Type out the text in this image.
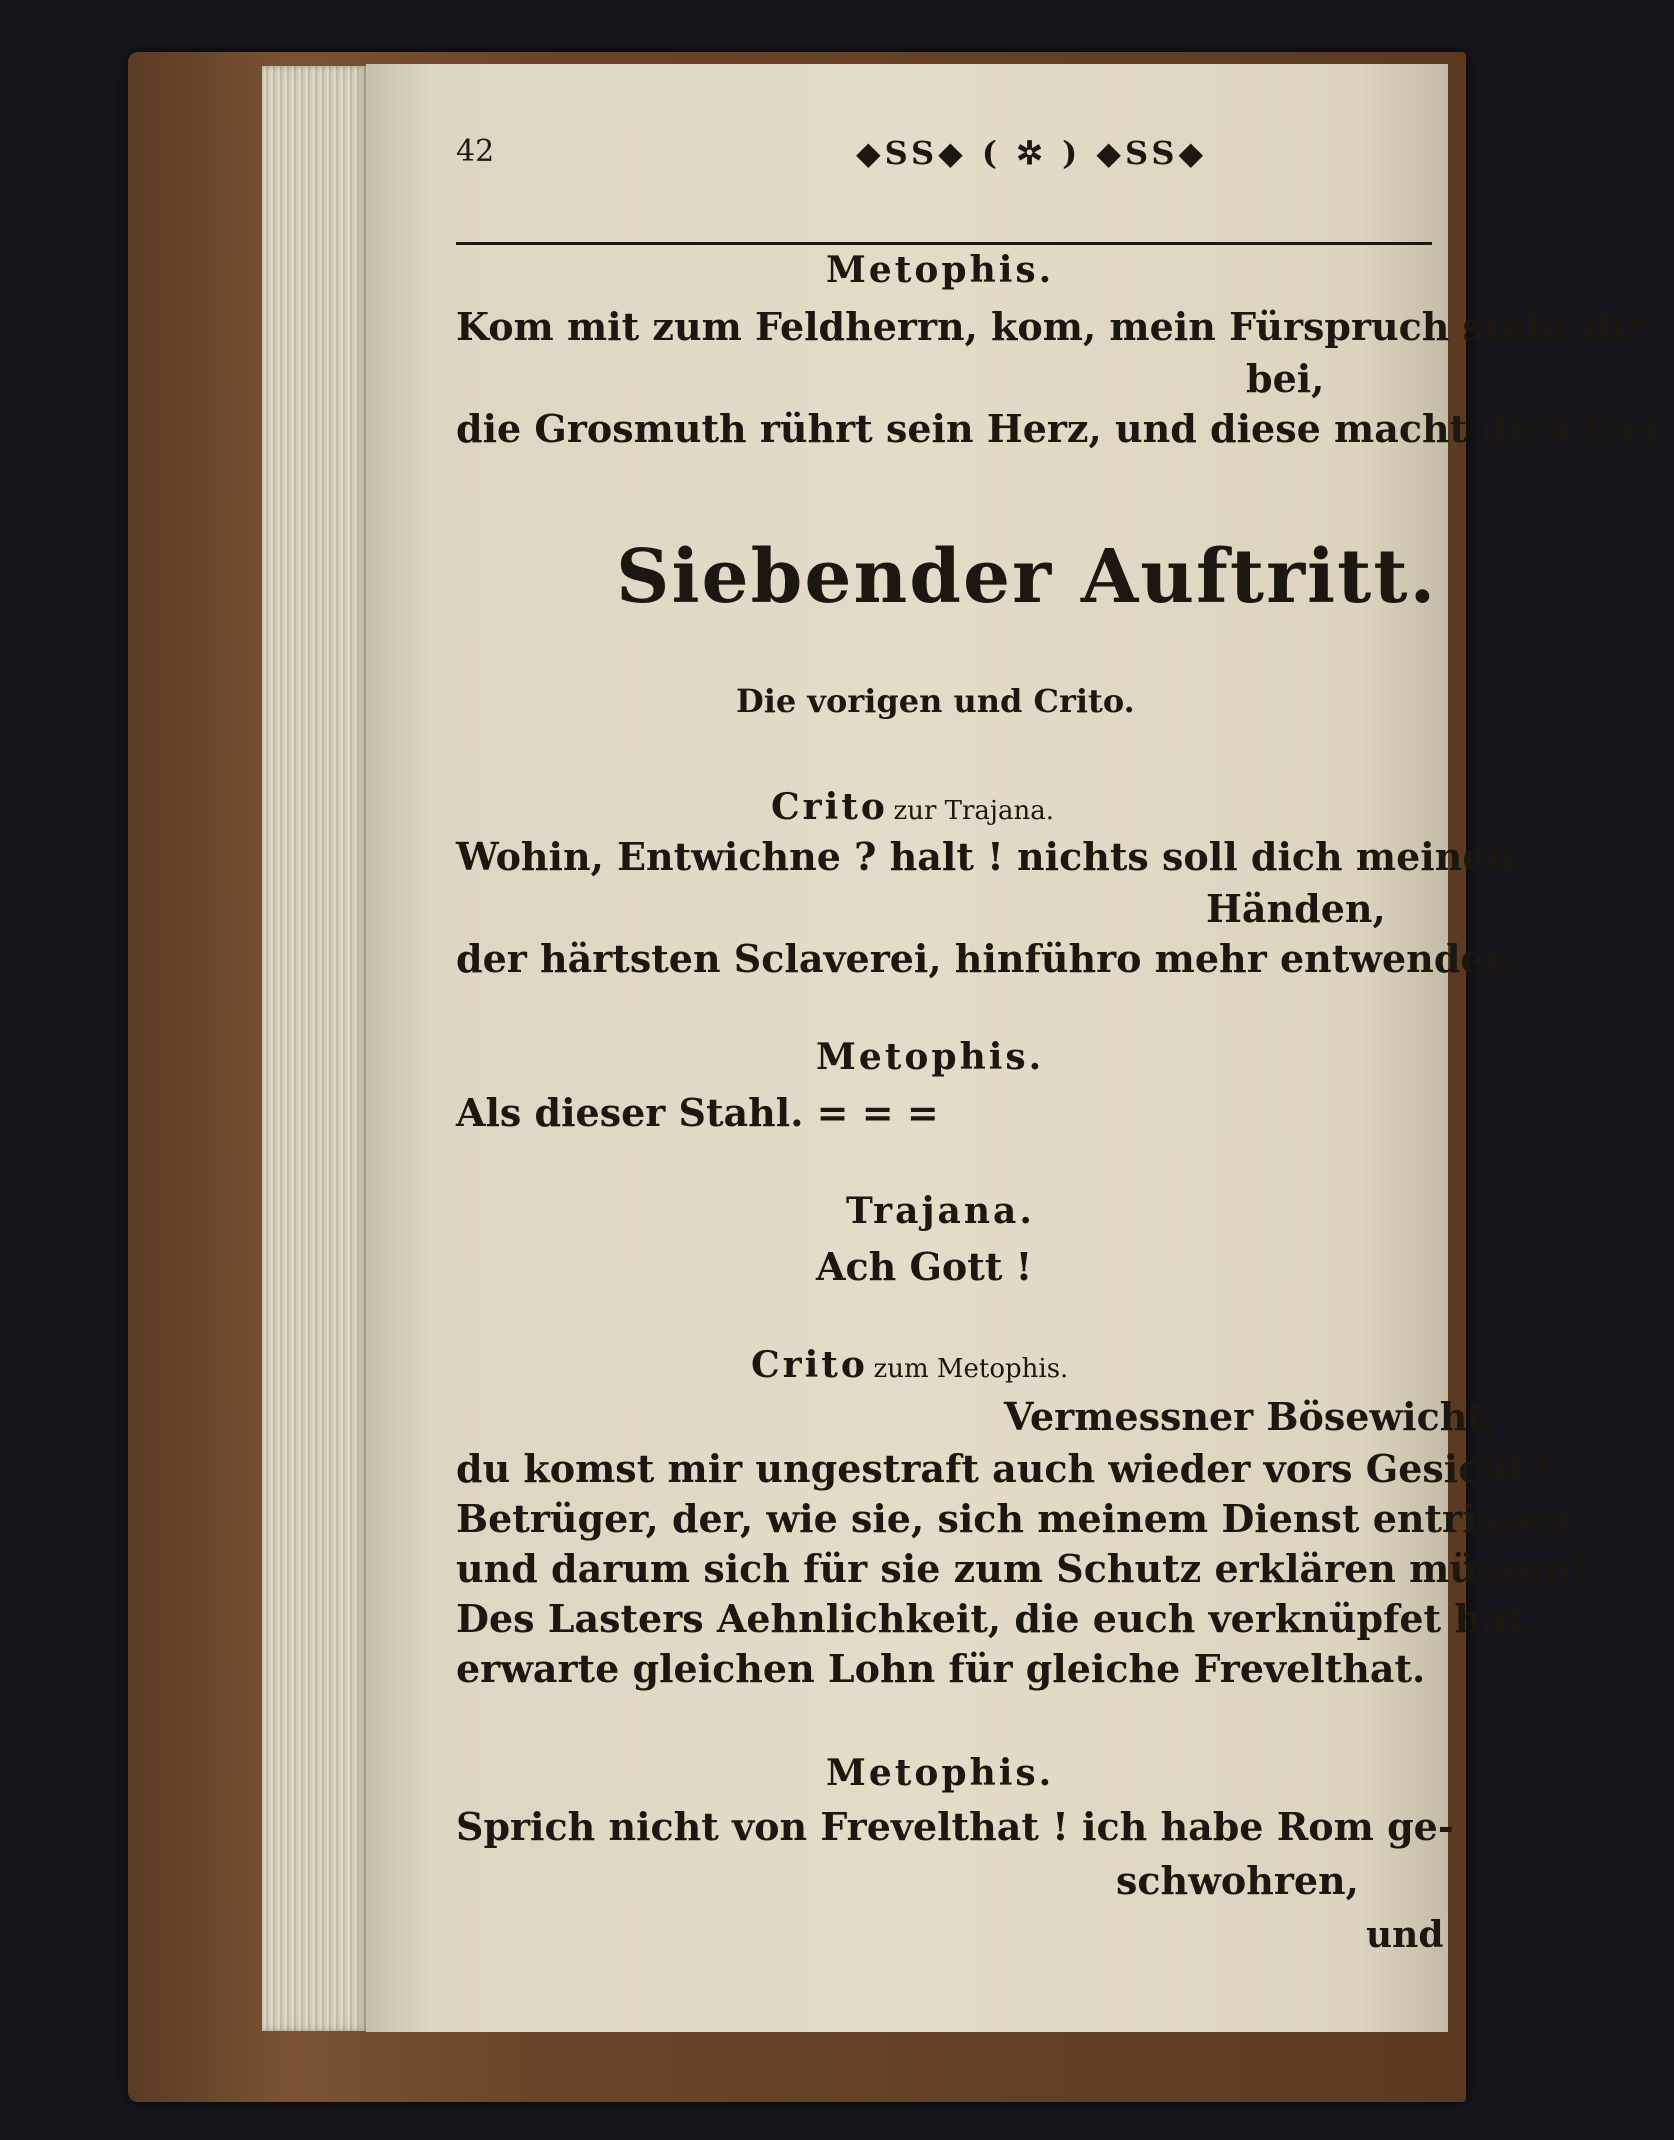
42	◆SS◆ ( ✲ ) ◆SS◆
Metophis.
Kom mit zum Feldherrn, kom, mein Fürspruch steht dir
bei,
die Grosmuth rührt sein Herz, und diese macht dich frei.
Siebender Auftritt.
Die vorigen und Crito.
Crito zur Trajana.
Wohin, Entwichne ? halt ! nichts soll dich meinen
Händen,
der härtsten Sclaverei, hinführo mehr entwenden.
Metophis.
Als dieser Stahl. = = =
Trajana.
Ach Gott !
Crito zum Metophis.
Vermessner Bösewicht,
du komst mir ungestraft auch wieder vors Gesicht?
Betrüger, der, wie sie, sich meinem Dienst entrissen,
und darum sich für sie zum Schutz erklären müssen!
Des Lasters Aehnlichkeit, die euch verknüpfet hat,
erwarte gleichen Lohn für gleiche Frevelthat.
Metophis.
Sprich nicht von Frevelthat ! ich habe Rom ge-
schwohren,
und
